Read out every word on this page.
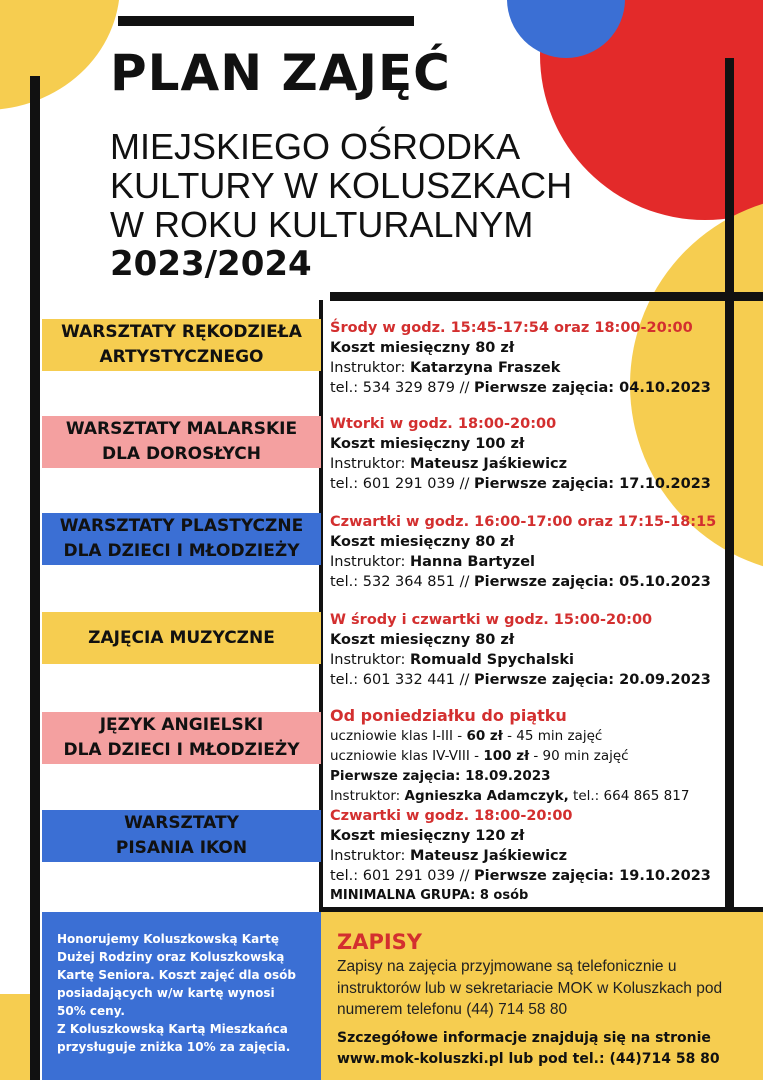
PLAN ZAJĘĆ
MIEJSKIEGO OŚRODKA
KULTURY W KOLUSZKACH
W ROKU KULTURALNYM
2023/2024
WARSZTATY RĘKODZIEŁA
ARTYSTYCZNEGO
Środy w godz. 15:45-17:54 oraz 18:00-20:00
Koszt miesięczny 80 zł
Instruktor: Katarzyna Fraszek
tel.: 534 329 879 // Pierwsze zajęcia: 04.10.2023
WARSZTATY MALARSKIE
DLA DOROSŁYCH
Wtorki w godz. 18:00-20:00
Koszt miesięczny 100 zł
Instruktor: Mateusz Jaśkiewicz
tel.: 601 291 039 // Pierwsze zajęcia: 17.10.2023
WARSZTATY PLASTYCZNE
DLA DZIECI I MŁODZIEŻY
Czwartki w godz. 16:00-17:00 oraz 17:15-18:15
Koszt miesięczny 80 zł
Instruktor: Hanna Bartyzel
tel.: 532 364 851 // Pierwsze zajęcia: 05.10.2023
ZAJĘCIA MUZYCZNE
W środy i czwartki w godz. 15:00-20:00
Koszt miesięczny 80 zł
Instruktor: Romuald Spychalski
tel.: 601 332 441 // Pierwsze zajęcia: 20.09.2023
JĘZYK ANGIELSKI
DLA DZIECI I MŁODZIEŻY
Od poniedziałku do piątku
uczniowie klas I-III - 60 zł - 45 min zajęć
uczniowie klas IV-VIII - 100 zł - 90 min zajęć
Pierwsze zajęcia: 18.09.2023
Instruktor: Agnieszka Adamczyk, tel.: 664 865 817
WARSZTATY
PISANIA IKON
Czwartki w godz. 18:00-20:00
Koszt miesięczny 120 zł
Instruktor: Mateusz Jaśkiewicz
tel.: 601 291 039 // Pierwsze zajęcia: 19.10.2023
MINIMALNA GRUPA: 8 osób
Honorujemy Koluszkowską Kartę Dużej Rodziny oraz Koluszkowską Kartę Seniora. Koszt zajęć dla osób posiadających w/w kartę wynosi 50% ceny.
Z Koluszkowską Kartą Mieszkańca przysługuje zniżka 10% za zajęcia.
ZAPISY
Zapisy na zajęcia przyjmowane są telefonicznie u instruktorów lub w sekretariacie MOK w Koluszkach pod numerem telefonu (44) 714 58 80
Szczegółowe informacje znajdują się na stronie www.mok-koluszki.pl lub pod tel.: (44)714 58 80
